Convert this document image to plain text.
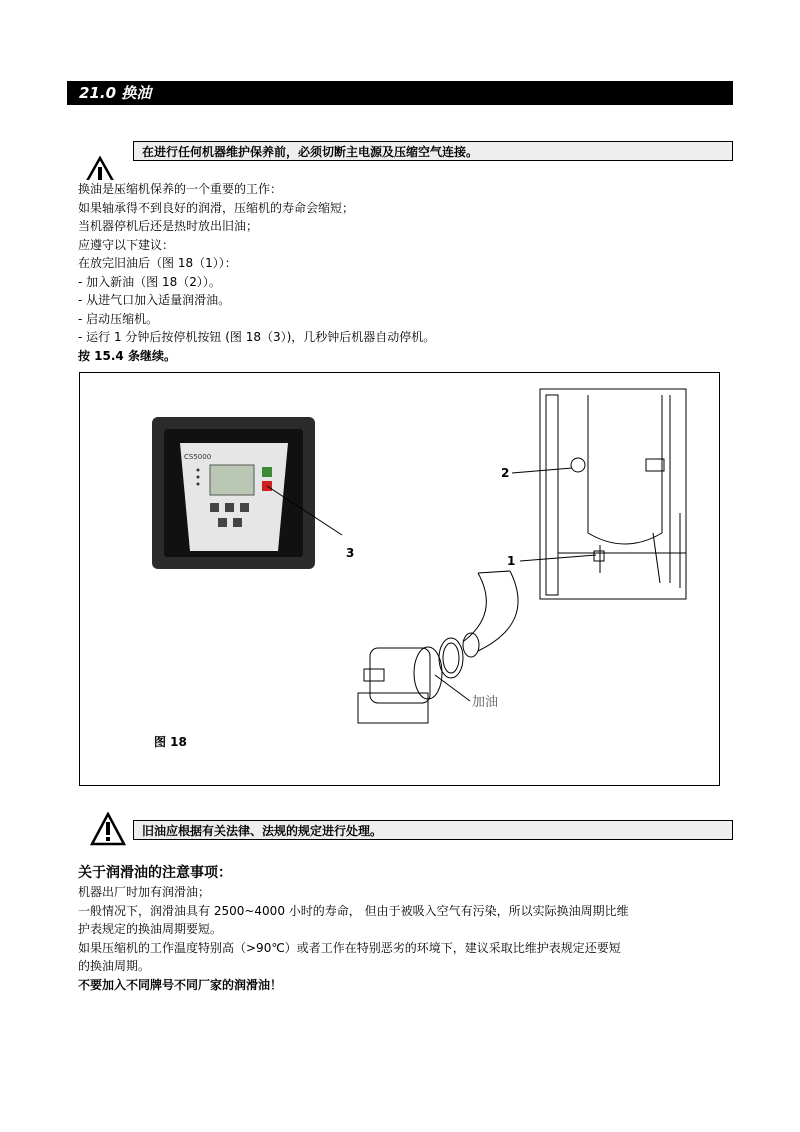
21.0 换油
在进行任何机器维护保养前，必须切断主电源及压缩空气连接。
换油是压缩机保养的一个重要的工作：
如果轴承得不到良好的润滑，压缩机的寿命会缩短；
当机器停机后还是热时放出旧油；
应遵守以下建议：
在放完旧油后（图 18（1））：
- 加入新油（图 18（2））。
- 从进气口加入适量润滑油。
- 启动压缩机。
- 运行 1 分钟后按停机按钮 (图 18（3）)，几秒钟后机器自动停机。
按 15.4 条继续。
CS5000
2
1
3
加油
图 18
旧油应根据有关法律、法规的规定进行处理。
关于润滑油的注意事项：
机器出厂时加有润滑油；
一般情况下，润滑油具有 2500~4000 小时的寿命， 但由于被吸入空气有污染，所以实际换油周期比维
护表规定的换油周期要短。
如果压缩机的工作温度特别高（>90℃）或者工作在特别恶劣的环境下，建议采取比维护表规定还要短
的换油周期。
不要加入不同牌号不同厂家的润滑油！
